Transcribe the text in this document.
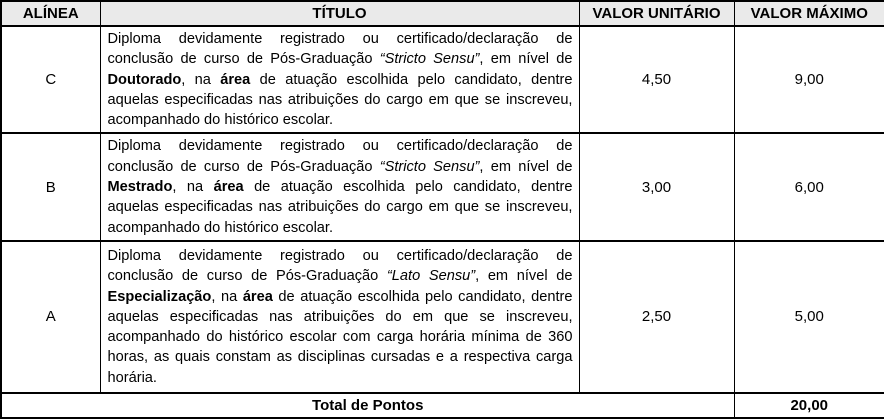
ALÍNEA	TÍTULO	VALOR UNITÁRIO	VALOR MÁXIMO
C	Diploma devidamente registrado ou certificado/declaração de conclusão de curso de Pós-Graduação “Stricto Sensu”, em nível de Doutorado, na área de atuação escolhida pelo candidato, dentre aquelas especificadas nas atribuições do cargo em que se inscreveu, acompanhado do histórico escolar.	4,50	9,00
B	Diploma devidamente registrado ou certificado/declaração de conclusão de curso de Pós-Graduação “Stricto Sensu”, em nível de Mestrado, na área de atuação escolhida pelo candidato, dentre aquelas especificadas nas atribuições do cargo em que se inscreveu, acompanhado do histórico escolar.	3,00	6,00
A	Diploma devidamente registrado ou certificado/declaração de conclusão de curso de Pós-Graduação “Lato Sensu”, em nível de Especialização, na área de atuação escolhida pelo candidato, dentre aquelas especificadas nas atribuições do em que se inscreveu, acompanhado do histórico escolar com carga horária mínima de 360 horas, as quais constam as disciplinas cursadas e a respectiva carga horária.	2,50	5,00
Total de Pontos			20,00
